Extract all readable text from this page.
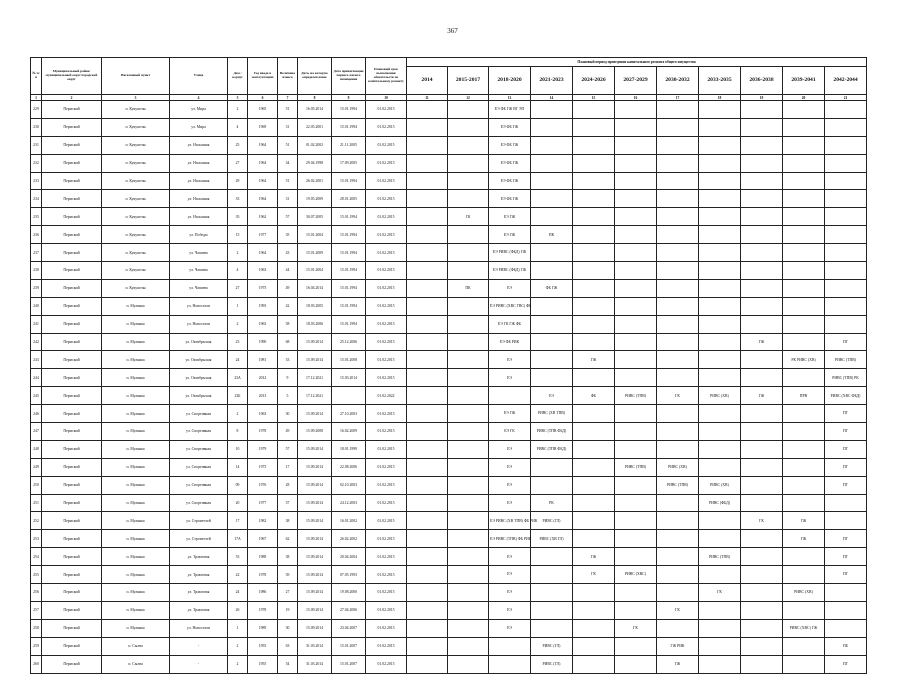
367
№ п/п	Муниципальный район/муниципальный округ/городской округ	Населенный пункт	Улица	Дом / корпус	Год ввода в эксплуатацию	Величина износа	Дата, на которую определен износ	Дата приватизации первого жилого помещения	Плановый срок выполнения обязательств по капитальному ремонту	Плановый период проведения капитального ремонта общего имущества										
										2014	2015-2017	2018-2020	2021-2023	2024-2026	2027-2029	2030-2032	2033-2035	2036-2038	2039-2041	2042-2044
1	2	3	4	5	6	7	8	9	10	11	12	13	14	15	16	17	18	19	20	21
229	Пермский	п. Кукуштан	ул. Мира	2	1965	51	16.05.2014	15.01.1994	01.02.2015			ЕЭ ФБ ГЖ ВГ ЭП								
230	Пермский	п. Кукуштан	ул. Мира	4	1969	31	22.05.2001	15.01.1994	01.02.2015			ЕЭ ФБ ГЖ								
231	Пермский	п. Кукуштан	ул. Насыпная	25	1964	51	01.02.2002	21.11.2005	01.02.2015			ЕЭ ФБ ГЖ								
232	Пермский	п. Кукуштан	ул. Насыпная	27	1964	34	29.04.1998	17.09.2005	01.02.2015			ЕЭ ФБ ГЖ								
233	Пермский	п. Кукуштан	ул. Насыпная	29	1964	51	26.02.2001	15.01.1994	01.02.2015			ЕЭ ФБ ГЖ								
234	Пермский	п. Кукуштан	ул. Насыпная	33	1964	31	19.05.2009	28.01.2005	01.02.2015			ЕЭ ФБ ГЖ								
235	Пермский	п. Кукуштан	ул. Насыпная	35	1962	57	30.07.2005	15.01.1994	01.02.2015		ГК	ЕЭ ГЖ								
236	Пермский	п. Кукуштан	ул. Победы	15	1977	35	15.01.2004	15.01.1994	01.02.2015			ЕЭ ГЖ	ПК							
237	Пермский	п. Кукуштан	ул. Чапаева	2	1964	43	15.01.2009	15.01.1994	01.02.2015			ЕЭ РИВС (ФБД) ГЖ								
238	Пермский	п. Кукуштан	ул. Чапаева	4	1963	44	15.01.2004	15.01.1994	01.02.2015			ЕЭ РИВС (ФБД) ГЖ								
239	Пермский	п. Кукуштан	ул. Чапаева	27	1975	49	16.04.2014	15.01.1994	01.02.2015		ПК	ЕЭ	ФБ ГЖ							
240	Пермский	п. Мулянка	ул. Новоселов	1	1993	42	18.03.2005	15.01.1994	01.02.2015			ЕЭ РИВС (ХВС ГВС) ФБ								
241	Пермский	п. Мулянка	ул. Новоселов	2	1963	58	18.03.2006	15.01.1994	01.02.2015			ЕЭ ГК ГЖ ФБ								
242	Пермский	п. Мулянка	ул. Октябрьская	23	1990	68	15.09.2014	25.12.2006	01.02.2015			ЕЭ ФБ РИК						ГЖ		ПГ
243	Пермский	п. Мулянка	ул. Октябрьская	24	1981	33	15.09.2014	15.01.2008	01.02.2015			ЕЭ		ГЖ					РК РИВС (ХВ)	РИВС (ТПВ)
244	Пермский	п. Мулянка	ул. Октябрьская	23А	2012	9	17.12.2021	15.03.2014	01.02.2015			ЕЭ								РИВС (ТПВ) РК
245	Пермский	п. Мулянка	ул. Октябрьская	23Б	2013	5	17.12.2021		01.02.2022				ЕЭ	ФБ	РИВС (ТПВ)	ГК	РИВС (ХВ)	ГЖ	ПРВ	РИВС (ХВС ФБД)
246	Пермский	п. Мулянка	ул. Спортивная	2	1963	30	15.09.2014	27.10.2003	01.02.2015			ЕЭ ГЖ	РИВС (ХВ ТПВ)							ПГ
247	Пермский	п. Мулянка	ул. Спортивная	8	1978	49	15.09.2008	16.02.2009	01.02.2015			ЕЭ ГК	РИВС (ТПВ ФБД)							ПГ
248	Пермский	п. Мулянка	ул. Спортивная	10	1979	57	15.09.2014	18.01.1999	01.02.2015			ЕЭ	РИВС (ТПВ ФБД)							ПГ
249	Пермский	п. Мулянка	ул. Спортивная	14	1975	17	15.09.2014	22.08.2006	01.02.2015			ЕЭ			РИВС (ТПВ)	РИВС (ХВ)				ПГ
250	Пермский	п. Мулянка	ул. Спортивная	09	1976	28	15.09.2014	02.10.2003	01.02.2015			ЕЭ				РИВС (ТПВ)	РИВС (ХВ)			ПГ
251	Пермский	п. Мулянка	ул. Спортивная	20	1977	37	15.09.2014	24.12.2003	01.02.2015			ЕЭ	РК				РИВС (ФБД)			
252	Пермский	п. Мулянка	ул. Строителей	17	1982	38	15.09.2014	16.01.2002	01.02.2015			ЕЭ РИВС (ХВ ТПВ) ФБ РИК	РИВС (ГЛ)					ГК	ГЖ	
253	Пермский	п. Мулянка	ул. Строителей	17А	1967	62	15.09.2014	26.02.2002	01.02.2015			ЕЭ РИВС (ТПВ) ФБ РИК	РИВС (ХВ ГЛ)						ГЖ	ПГ
254	Пермский	п. Мулянка	ул. Трактовая	53	1988	38	15.09.2014	20.04.2004	01.02.2015			ЕЭ		ГЖ			РИВС (ТПВ)			ПГ
255	Пермский	п. Мулянка	ул. Трактовая	22	1978	39	15.09.2014	07.05.1993	01.02.2015			ЕЭ		ГК	РИВС (ХВС)					ПГ
256	Пермский	п. Мулянка	ул. Трактовая	24	1986	27	15.09.2014	19.08.2000	01.02.2015			ЕЭ					ГК		РИВС (ХВ)	
257	Пермский	п. Мулянка	ул. Трактовая	26	1978	19	15.09.2014	27.04.2006	01.02.2015			ЕЭ				ГК				
258	Пермский	п. Мулянка	ул. Новоселов	1	1989	30	15.09.2014	23.04.2007	01.02.2015			ЕЭ			ГК				РИВС (ХВС) ГЖ	
259	Пермский	п. Сылва	-	2	1955	63	31.03.2014	15.01.2007	01.02.2015				РИВС (ГЛ)			ГЖ РИК				ПБ
260	Пермский	п. Сылва	-	2	1955	54	31.03.2014	15.01.2007	01.02.2015				РИВС (ГЛ)			ГЖ				ПГ
